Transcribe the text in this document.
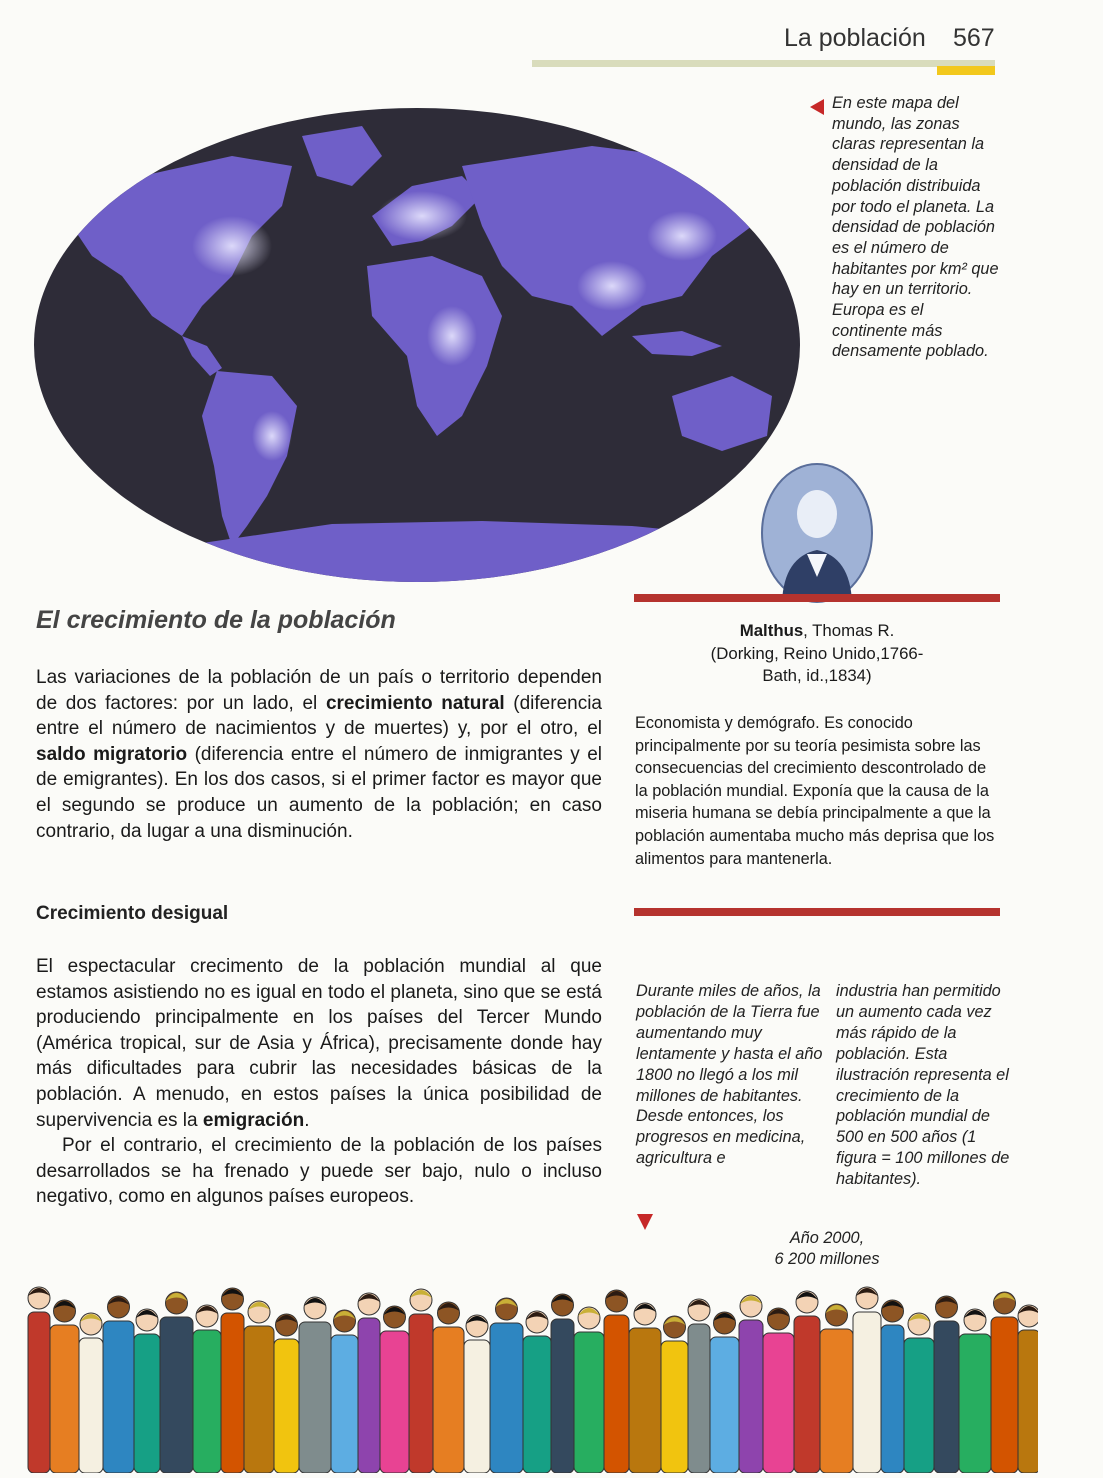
La población 567
En este mapa del mundo, las zonas claras representan la densidad de la población distribuida por todo el planeta. La densidad de población es el número de habitantes por km² que hay en un territorio. Europa es el continente más densamente poblado.
Malthus, Thomas R.
(Dorking, Reino Unido,1766-
Bath, id.,1834)
Economista y demógrafo. Es conocido principalmente por su teoría pesimista sobre las consecuencias del crecimiento descontrolado de la población mundial. Exponía que la causa de la miseria humana se debía principalmente a que la población aumentaba mucho más deprisa que los alimentos para mantenerla.
El crecimiento de la población
Las variaciones de la población de un país o territorio dependen de dos factores: por un lado, el crecimiento natural (diferencia entre el número de nacimientos y de muertes) y, por el otro, el saldo migratorio (diferencia entre el número de inmigrantes y el de emigrantes). En los dos casos, si el primer factor es mayor que el segundo se produce un aumento de la población; en caso contrario, da lugar a una disminución.
Crecimiento desigual
El espectacular crecimento de la población mundial al que estamos asistiendo no es igual en todo el planeta, sino que se está produciendo principalmente en los países del Tercer Mundo (América tropical, sur de Asia y África), precisamente donde hay más dificultades para cubrir las necesidades básicas de la población. A menudo, en estos países la única posibilidad de supervivencia es la emigración.
Por el contrario, el crecimiento de la población de los países desarrollados se ha frenado y puede ser bajo, nulo o incluso negativo, como en algunos países europeos.
Durante miles de años, la población de la Tierra fue aumentando muy lentamente y hasta el año 1800 no llegó a los mil millones de habitantes. Desde entonces, los progresos en medicina, agricultura e
industria han permitido un aumento cada vez más rápido de la población. Esta ilustración representa el crecimiento de la población mundial de 500 en 500 años (1 figura = 100 millones de habitantes).
Año 2000,
6 200 millones
